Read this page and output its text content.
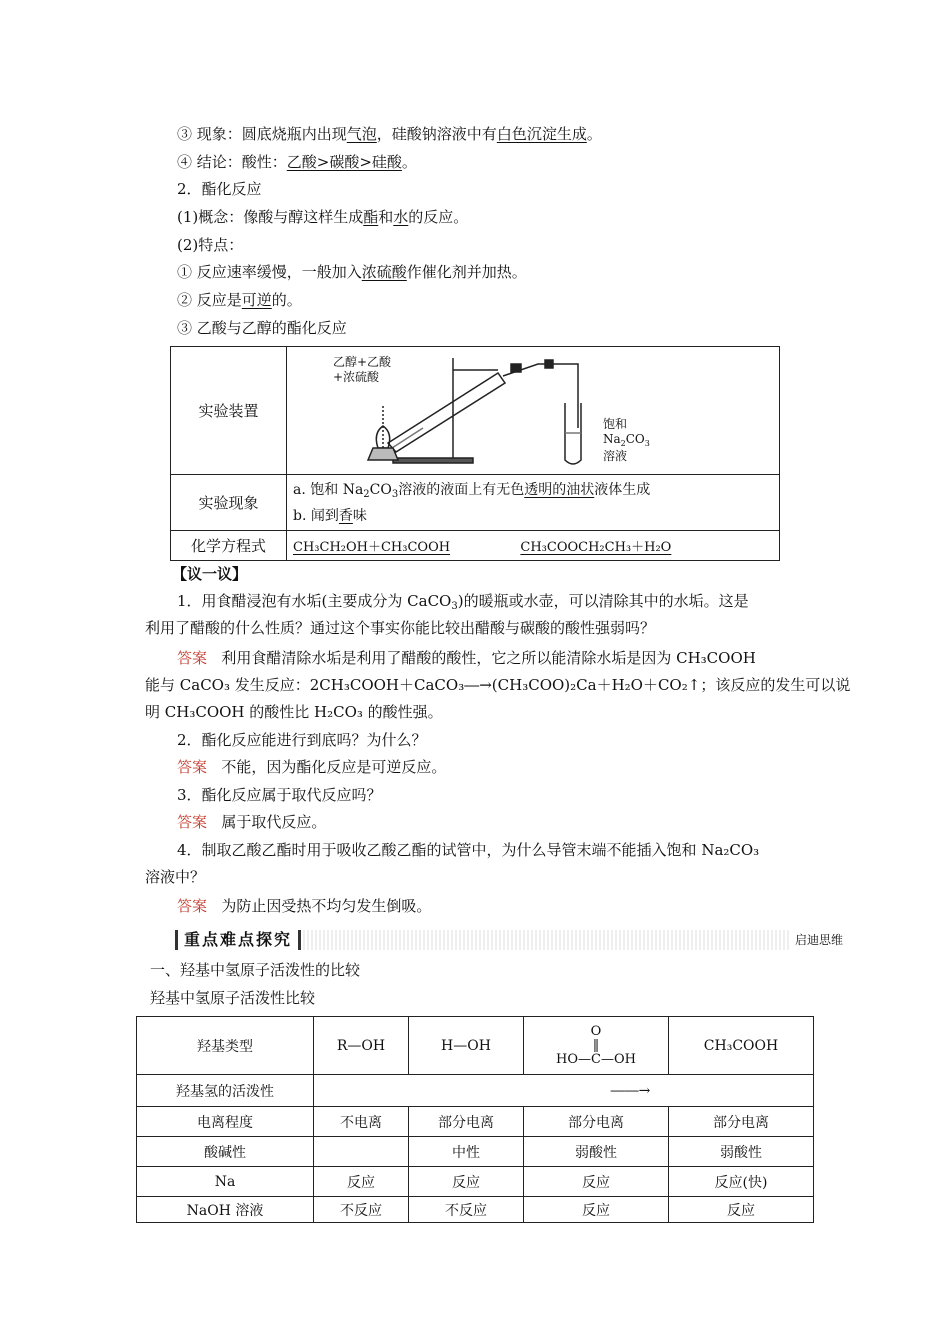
③ 现象：圆底烧瓶内出现气泡，硅酸钠溶液中有白色沉淀生成。
④ 结论：酸性：乙酸>碳酸>硅酸。
2．酯化反应
(1)概念：像酸与醇这样生成酯和水的反应。
(2)特点：
① 反应速率缓慢，一般加入浓硫酸作催化剂并加热。
② 反应是可逆的。
③ 乙酸与乙醇的酯化反应
实验装置	乙醇+乙酸
+浓硫酸
饱和
$Na_2CO_3$
溶液

实验现象	a. 饱和 $Na_2CO_3$溶液的液面上有无色透明的油状液体生成
b. 闻到香味

化学方程式	CH₃CH₂OH＋CH₃COOH CH₃COOCH₂CH₃＋H₂O
【议一议】
1．用食醋浸泡有水垢(主要成分为 CaCO$_3$)的暖瓶或水壶，可以清除其中的水垢。这是
利用了醋酸的什么性质？通过这个事实你能比较出醋酸与碳酸的酸性强弱吗？
答案 利用食醋清除水垢是利用了醋酸的酸性，它之所以能清除水垢是因为 CH₃COOH
能与 CaCO₃ 发生反应：2CH₃COOH＋CaCO₃―→(CH₃COO)₂Ca＋H₂O＋CO₂↑；该反应的发生可以说
明 CH₃COOH 的酸性比 H₂CO₃ 的酸性强。
2．酯化反应能进行到底吗？为什么？
答案 不能，因为酯化反应是可逆反应。
3．酯化反应属于取代反应吗？
答案 属于取代反应。
4．制取乙酸乙酯时用于吸收乙酸乙酯的试管中，为什么导管末端不能插入饱和 Na₂CO₃
溶液中？
答案 为防止因受热不均匀发生倒吸。
重点难点探究	启迪思维
一、羟基中氢原子活泼性的比较
羟基中氢原子活泼性比较
羟基类型	R—OH	H—OH	O
‖
HO—C—OH	CH₃COOH
羟基氢的活泼性	――→			
电离程度	不电离	部分电离	部分电离	部分电离
酸碱性		中性	弱酸性	弱酸性
Na	反应	反应	反应	反应(快)
NaOH 溶液	不反应	不反应	反应	反应
